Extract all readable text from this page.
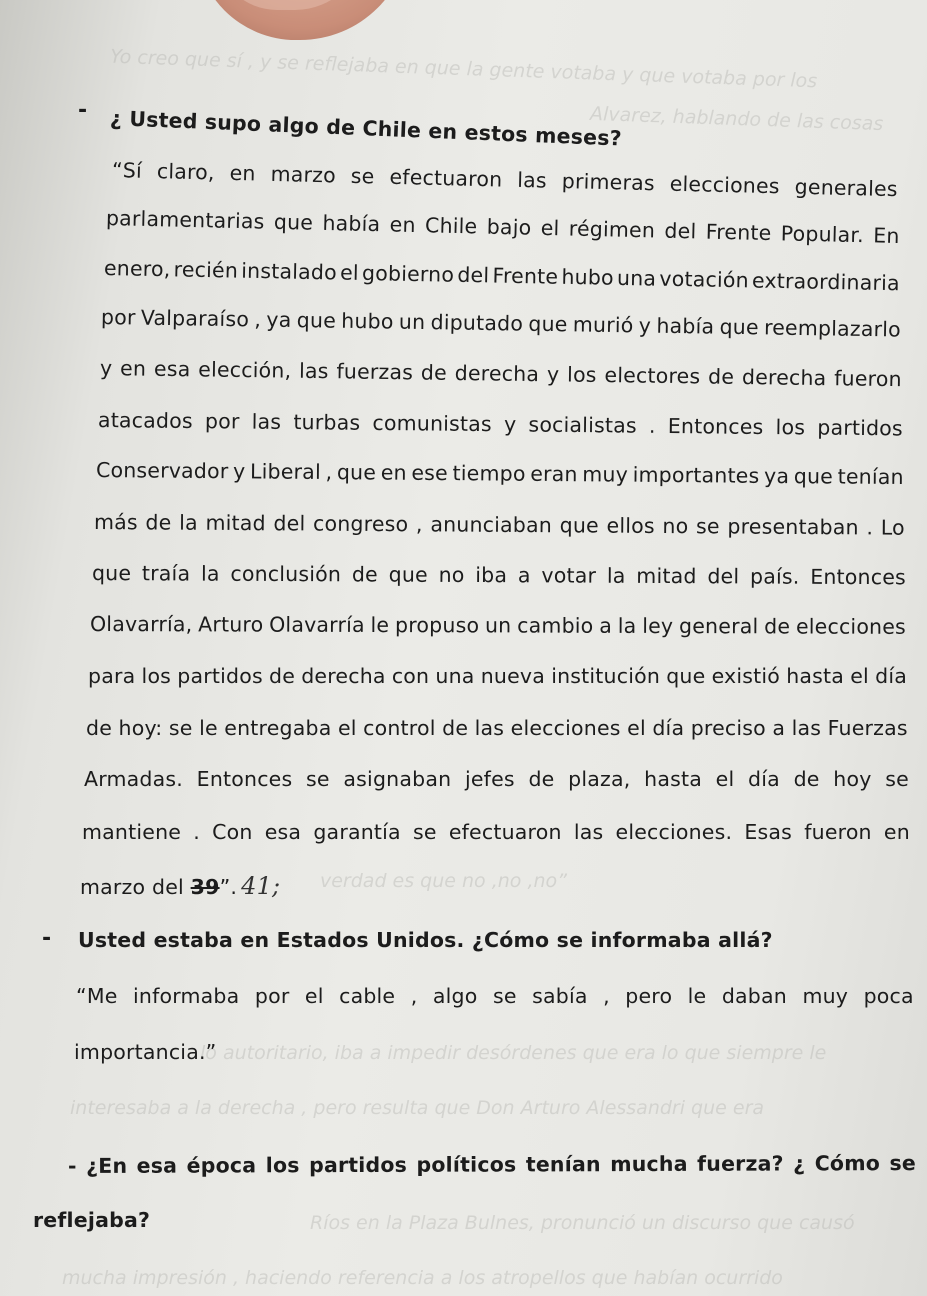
Yo creo que sí , y se reflejaba en que la gente votaba y que votaba por los
Alvarez, hablando de las cosas
verdad es que no ,no ,no”
lo autoritario, iba a impedir desórdenes que era lo que siempre le
interesaba a la derecha , pero resulta que Don Arturo Alessandri que era
Ríos en la Plaza Bulnes, pronunció un discurso que causó
mucha impresión , haciendo referencia a los atropellos que habían ocurrido
- ¿ Usted supo algo de Chile en estos meses?
“Sí claro, en marzo se efectuaron las primeras elecciones generales
parlamentarias que había en Chile bajo el régimen del Frente Popular. En
enero, recién instalado el gobierno del Frente hubo una votación extraordinaria
por Valparaíso , ya que hubo un diputado que murió y había que reemplazarlo
y en esa elección, las fuerzas de derecha y los electores de derecha fueron
atacados por las turbas comunistas y socialistas . Entonces los partidos
Conservador y Liberal , que en ese tiempo eran muy importantes ya que tenían
más de la mitad del congreso , anunciaban que ellos no se presentaban . Lo
que traía la conclusión de que no iba a votar la mitad del país. Entonces
Olavarría, Arturo Olavarría le propuso un cambio a la ley general de elecciones
para los partidos de derecha con una nueva institución que existió hasta el día
de hoy: se le entregaba el control de las elecciones el día preciso a las Fuerzas
Armadas. Entonces se asignaban jefes de plaza, hasta el día de hoy se
mantiene . Con esa garantía se efectuaron las elecciones. Esas fueron en
marzo del 39”. 41;
- Usted estaba en Estados Unidos. ¿Cómo se informaba allá?
“Me informaba por el cable , algo se sabía , pero le daban muy poca
importancia.”
- ¿En esa época los partidos políticos tenían mucha fuerza? ¿ Cómo se
reflejaba?
